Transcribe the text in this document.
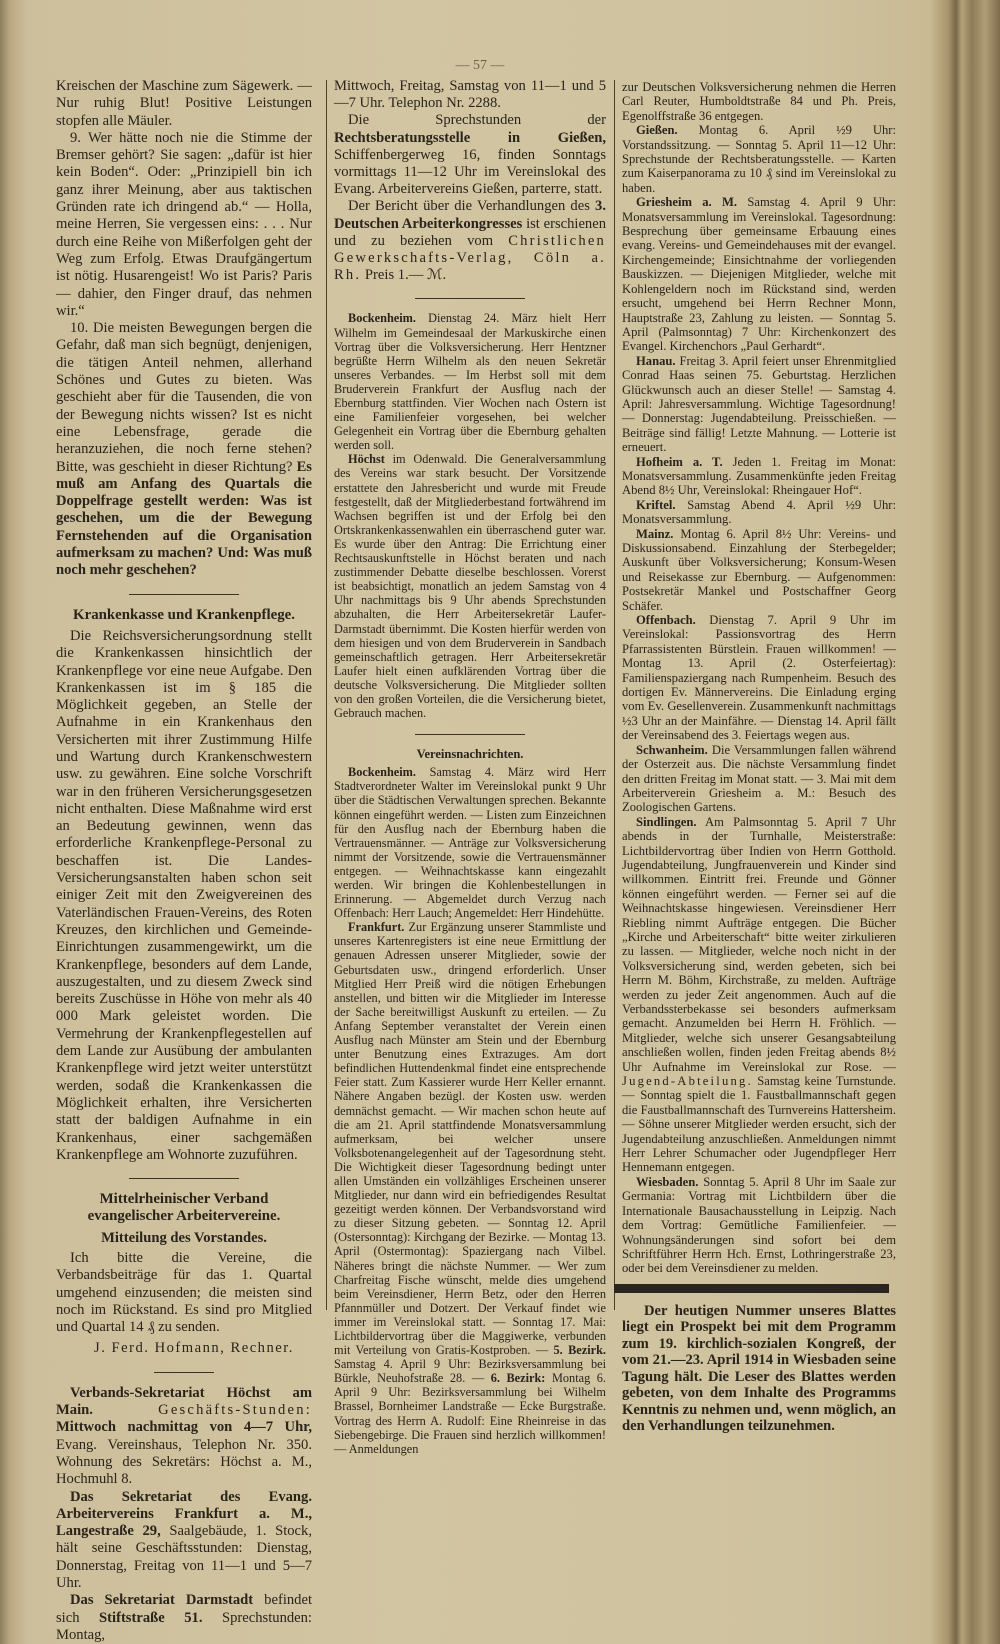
— 57 —

Kreischen der Maschine zum Sägewerk. — Nur ruhig Blut! Positive Leistungen stopfen alle Mäuler.

9. Wer hätte noch nie die Stimme der Bremser gehört? Sie sagen: „dafür ist hier kein Boden“. Oder: „Prinzipiell bin ich ganz ihrer Meinung, aber aus taktischen Gründen rate ich dringend ab.“ — Holla, meine Herren, Sie vergessen eins: . . . Nur durch eine Reihe von Mißerfolgen geht der Weg zum Erfolg. Etwas Draufgängertum ist nötig. Husarengeist! Wo ist Paris? Paris — dahier, den Finger drauf, das nehmen wir.“

10. Die meisten Bewegungen bergen die Gefahr, daß man sich begnügt, denjenigen, die tätigen Anteil nehmen, allerhand Schönes und Gutes zu bieten. Was geschieht aber für die Tausenden, die von der Bewegung nichts wissen? Ist es nicht eine Lebensfrage, gerade die heranzuziehen, die noch ferne stehen? Bitte, was geschieht in dieser Richtung? Es muß am Anfang des Quartals die Doppelfrage gestellt werden: Was ist geschehen, um die der Bewegung Fernstehenden auf die Organisation aufmerksam zu machen? Und: Was muß noch mehr geschehen?

Krankenkasse und Krankenpflege.

Die Reichsversicherungsordnung stellt die Krankenkassen hinsichtlich der Krankenpflege vor eine neue Aufgabe. Den Krankenkassen ist im § 185 die Möglichkeit gegeben, an Stelle der Aufnahme in ein Krankenhaus den Versicherten mit ihrer Zustimmung Hilfe und Wartung durch Krankenschwestern usw. zu gewähren. Eine solche Vorschrift war in den früheren Versicherungsgesetzen nicht enthalten. Diese Maßnahme wird erst an Bedeutung gewinnen, wenn das erforderliche Krankenpflege-Personal zu beschaffen ist. Die Landes-Versicherungsanstalten haben schon seit einiger Zeit mit den Zweigvereinen des Vaterländischen Frauen-Vereins, des Roten Kreuzes, den kirchlichen und Gemeinde-Einrichtungen zusammengewirkt, um die Krankenpflege, besonders auf dem Lande, auszugestalten, und zu diesem Zweck sind bereits Zuschüsse in Höhe von mehr als 40 000 Mark geleistet worden. Die Vermehrung der Krankenpflegestellen auf dem Lande zur Ausübung der ambulanten Krankenpflege wird jetzt weiter unterstützt werden, sodaß die Krankenkassen die Möglichkeit erhalten, ihre Versicherten statt der baldigen Aufnahme in ein Krankenhaus, einer sachgemäßen Krankenpflege am Wohnorte zuzuführen.

Mittelrheinischer Verband evangelischer Arbeitervereine.
Mitteilung des Vorstandes.

Ich bitte die Vereine, die Verbandsbeiträge für das 1. Quartal umgehend einzusenden; die meisten sind noch im Rückstand. Es sind pro Mitglied und Quartal 14 ₰ zu senden.

J. Ferd. Hofmann, Rechner.

Verbands-Sekretariat Höchst am Main.	Geschäfts-Stunden: Mittwoch nachmittag von 4—7 Uhr, Evang. Vereinshaus, Telephon Nr. 350. Wohnung des Sekretärs: Höchst a. M., Hochmuhl 8.

Das Sekretariat des Evang. Arbeitervereins Frankfurt a. M., Langestraße 29, Saalgebäude, 1. Stock, hält seine Geschäftsstunden: Dienstag, Donnerstag, Freitag von 11—1 und 5—7 Uhr.

Das Sekretariat Darmstadt befindet sich Stiftstraße 51. Sprechstunden: Montag,

Mittwoch, Freitag, Samstag von 11—1 und 5—7 Uhr. Telephon Nr. 2288.

Die Sprechstunden der Rechtsberatungsstelle in Gießen, Schiffenbergerweg 16, finden Sonntags vormittags 11—12 Uhr im Vereinslokal des Evang. Arbeitervereins Gießen, parterre, statt.

Der Bericht über die Verhandlungen des 3. Deutschen Arbeiterkongresses ist erschienen und zu beziehen vom Christlichen Gewerkschafts-Verlag, Cöln a. Rh. Preis 1.— ℳ.

Bockenheim. Dienstag 24. März hielt Herr Wilhelm im Gemeindesaal der Markuskirche einen Vortrag über die Volksversicherung. Herr Hentzner begrüßte Herrn Wilhelm als den neuen Sekretär unseres Verbandes. — Im Herbst soll mit dem Bruderverein Frankfurt der Ausflug nach der Ebernburg stattfinden. Vier Wochen nach Ostern ist eine Familienfeier vorgesehen, bei welcher Gelegenheit ein Vortrag über die Ebernburg gehalten werden soll.

Höchst im Odenwald. Die Generalversammlung des Vereins war stark besucht. Der Vorsitzende erstattete den Jahresbericht und wurde mit Freude festgestellt, daß der Mitgliederbestand fortwährend im Wachsen begriffen ist und der Erfolg bei den Ortskrankenkassenwahlen ein überraschend guter war. Es wurde über den Antrag: Die Errichtung einer Rechtsauskunftstelle in Höchst beraten und nach zustimmender Debatte dieselbe beschlossen. Vorerst ist beabsichtigt, monatlich an jedem Samstag von 4 Uhr nachmittags bis 9 Uhr abends Sprechstunden abzuhalten, die Herr Arbeitersekretär Laufer-Darmstadt übernimmt. Die Kosten hierfür werden von dem hiesigen und von dem Bruderverein in Sandbach gemeinschaftlich getragen. Herr Arbeitersekretär Laufer hielt einen aufklärenden Vortrag über die deutsche Volksversicherung. Die Mitglieder sollten von den großen Vorteilen, die die Versicherung bietet, Gebrauch machen.

Vereinsnachrichten.

Bockenheim. Samstag 4. März wird Herr Stadtverordneter Walter im Vereinslokal punkt 9 Uhr über die Städtischen Verwaltungen sprechen. Bekannte können eingeführt werden. — Listen zum Einzeichnen für den Ausflug nach der Ebernburg haben die Vertrauensmänner. — Anträge zur Volksversicherung nimmt der Vorsitzende, sowie die Vertrauensmänner entgegen. — Weihnachtskasse kann eingezahlt werden. Wir bringen die Kohlenbestellungen in Erinnerung. — Abgemeldet durch Verzug nach Offenbach: Herr Lauch; Angemeldet: Herr Hindehütte.

Frankfurt. Zur Ergänzung unserer Stammliste und unseres Kartenregisters ist eine neue Ermittlung der genauen Adressen unserer Mitglieder, sowie der Geburtsdaten usw., dringend erforderlich. Unser Mitglied Herr Preiß wird die nötigen Erhebungen anstellen, und bitten wir die Mitglieder im Interesse der Sache bereitwilligst Auskunft zu erteilen. — Zu Anfang September veranstaltet der Verein einen Ausflug nach Münster am Stein und der Ebernburg unter Benutzung eines Extrazuges. Am dort befindlichen Huttendenkmal findet eine entsprechende Feier statt. Zum Kassierer wurde Herr Keller ernannt. Nähere Angaben bezügl. der Kosten usw. werden demnächst gemacht. — Wir machen schon heute auf die am 21. April stattfindende Monatsversammlung aufmerksam, bei welcher unsere Volksbotenangelegenheit auf der Tagesordnung steht. Die Wichtigkeit dieser Tagesordnung bedingt unter allen Umständen ein vollzähliges Erscheinen unserer Mitglieder, nur dann wird ein befriedigendes Resultat gezeitigt werden können. Der Verbandsvorstand wird zu dieser Sitzung gebeten. — Sonntag 12. April (Ostersonntag): Kirchgang der Bezirke. — Montag 13. April (Ostermontag): Spaziergang nach Vilbel. Näheres bringt die nächste Nummer. — Wer zum Charfreitag Fische wünscht, melde dies umgehend beim Vereinsdiener, Herrn Betz, oder den Herren Pfannmüller und Dotzert. Der Verkauf findet wie immer im Vereinslokal statt. — Sonntag 17. Mai: Lichtbildervortrag über die Maggiwerke, verbunden mit Verteilung von Gratis-Kostproben. — 5. Bezirk. Samstag 4. April 9 Uhr: Bezirksversammlung bei Bürkle, Neuhofstraße 28. — 6. Bezirk: Montag 6. April 9 Uhr: Bezirksversammlung bei Wilhelm Brassel, Bornheimer Landstraße — Ecke Burgstraße. Vortrag des Herrn A. Rudolf: Eine Rheinreise in das Siebengebirge. Die Frauen sind herzlich willkommen! — Anmeldungen

zur Deutschen Volksversicherung nehmen die Herren Carl Reuter, Humboldtstraße 84 und Ph. Preis, Egenolffstraße 36 entgegen.

Gießen. Montag 6. April ½9 Uhr: Vorstandssitzung. — Sonntag 5. April 11—12 Uhr: Sprechstunde der Rechtsberatungsstelle. — Karten zum Kaiserpanorama zu 10 ₰ sind im Vereinslokal zu haben.

Griesheim a. M. Samstag 4. April 9 Uhr: Monatsversammlung im Vereinslokal. Tagesordnung: Besprechung über gemeinsame Erbauung eines evang. Vereins- und Gemeindehauses mit der evangel. Kirchengemeinde; Einsichtnahme der vorliegenden Bauskizzen. — Diejenigen Mitglieder, welche mit Kohlengeldern noch im Rückstand sind, werden ersucht, umgehend bei Herrn Rechner Monn, Hauptstraße 23, Zahlung zu leisten. — Sonntag 5. April (Palmsonntag) 7 Uhr: Kirchenkonzert des Evangel. Kirchenchors „Paul Gerhardt“.

Hanau. Freitag 3. April feiert unser Ehrenmitglied Conrad Haas seinen 75. Geburtstag. Herzlichen Glückwunsch auch an dieser Stelle! — Samstag 4. April: Jahresversammlung. Wichtige Tagesordnung! — Donnerstag: Jugendabteilung. Preisschießen. — Beiträge sind fällig! Letzte Mahnung. — Lotterie ist erneuert.

Hofheim a. T. Jeden 1. Freitag im Monat: Monatsversammlung. Zusammenkünfte jeden Freitag Abend 8½ Uhr, Vereinslokal: Rheingauer Hof“.

Kriftel. Samstag Abend 4. April ½9 Uhr: Monatsversammlung.

Mainz. Montag 6. April 8½ Uhr: Vereins- und Diskussionsabend. Einzahlung der Sterbegelder; Auskunft über Volksversicherung; Konsum-Wesen und Reisekasse zur Ebernburg. — Aufgenommen: Postsekretär Mankel und Postschaffner Georg Schäfer.

Offenbach. Dienstag 7. April 9 Uhr im Vereinslokal: Passionsvortrag des Herrn Pfarrassistenten Bürstlein. Frauen willkommen! — Montag 13. April (2. Osterfeiertag): Familienspaziergang nach Rumpenheim. Besuch des dortigen Ev. Männervereins. Die Einladung erging vom Ev. Gesellenverein. Zusammenkunft nachmittags ½3 Uhr an der Mainfähre. — Dienstag 14. April fällt der Vereinsabend des 3. Feiertags wegen aus.

Schwanheim. Die Versammlungen fallen während der Osterzeit aus. Die nächste Versammlung findet den dritten Freitag im Monat statt. — 3. Mai mit dem Arbeiterverein Griesheim a. M.: Besuch des Zoologischen Gartens.

Sindlingen. Am Palmsonntag 5. April 7 Uhr abends in der Turnhalle, Meisterstraße: Lichtbildervortrag über Indien von Herrn Gotthold. Jugendabteilung, Jungfrauenverein und Kinder sind willkommen. Eintritt frei. Freunde und Gönner können eingeführt werden. — Ferner sei auf die Weihnachtskasse hingewiesen. Vereinsdiener Herr Riebling nimmt Aufträge entgegen. Die Bücher „Kirche und Arbeiterschaft“ bitte weiter zirkulieren zu lassen. — Mitglieder, welche noch nicht in der Volksversicherung sind, werden gebeten, sich bei Herrn M. Böhm, Kirchstraße, zu melden. Aufträge werden zu jeder Zeit angenommen. Auch auf die Verbandssterbekasse sei besonders aufmerksam gemacht. Anzumelden bei Herrn H. Fröhlich. — Mitglieder, welche sich unserer Gesangsabteilung anschließen wollen, finden jeden Freitag abends 8½ Uhr Aufnahme im Vereinslokal zur Rose. — Jugend-Abteilung. Samstag keine Turnstunde. — Sonntag spielt die 1. Faustballmannschaft gegen die Faustballmannschaft des Turnvereins Hattersheim. — Söhne unserer Mitglieder werden ersucht, sich der Jugendabteilung anzuschließen. Anmeldungen nimmt Herr Lehrer Schumacher oder Jugendpfleger Herr Hennemann entgegen.

Wiesbaden. Sonntag 5. April 8 Uhr im Saale zur Germania: Vortrag mit Lichtbildern über die Internationale Bausachausstellung in Leipzig. Nach dem Vortrag: Gemütliche Familienfeier. — Wohnungsänderungen sind sofort bei dem Schriftführer Herrn Hch. Ernst, Lothringerstraße 23, oder bei dem Vereinsdiener zu melden.

Der heutigen Nummer unseres Blattes liegt ein Prospekt bei mit dem Programm zum 19. kirchlich-sozialen Kongreß, der vom 21.—23. April 1914 in Wiesbaden seine Tagung hält. Die Leser des Blattes werden gebeten, von dem Inhalte des Programms Kenntnis zu nehmen und, wenn möglich, an den Verhandlungen teilzunehmen.
